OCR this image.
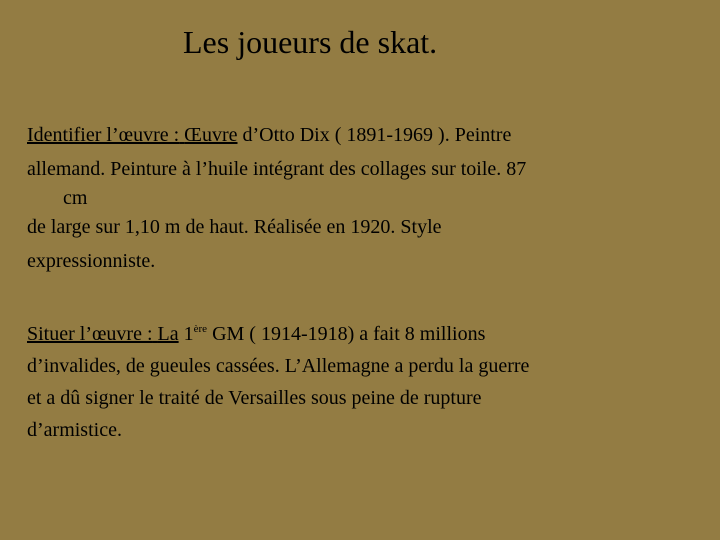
Les joueurs de skat.
Identifier l’œuvre : Œuvre d’Otto Dix ( 1891-1969 ). Peintre
allemand. Peinture à l’huile intégrant des collages sur toile. 87
cm
de large sur 1,10 m de haut. Réalisée en 1920. Style
expressionniste.
Situer l’œuvre : La 1ère GM ( 1914-1918) a fait 8 millions
d’invalides, de gueules cassées. L’Allemagne a perdu la guerre
et a dû signer le traité de Versailles sous peine de rupture
d’armistice.
